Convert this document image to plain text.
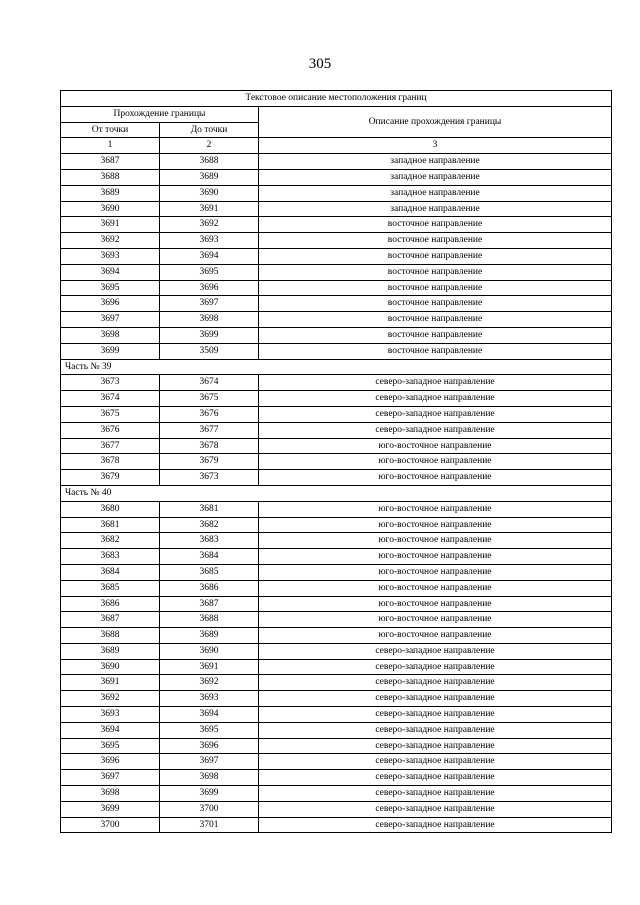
305
Текстовое описание местоположения границ		
Прохождение границы		Описание прохождения границы
От точки	До точки	
1	2	3
3687	3688	западное направление
3688	3689	западное направление
3689	3690	западное направление
3690	3691	западное направление
3691	3692	восточное направление
3692	3693	восточное направление
3693	3694	восточное направление
3694	3695	восточное направление
3695	3696	восточное направление
3696	3697	восточное направление
3697	3698	восточное направление
3698	3699	восточное направление
3699	3509	восточное направление
Часть № 39		
3673	3674	северо-западное направление
3674	3675	северо-западное направление
3675	3676	северо-западное направление
3676	3677	северо-западное направление
3677	3678	юго-восточное направление
3678	3679	юго-восточное направление
3679	3673	юго-восточное направление
Часть № 40		
3680	3681	юго-восточное направление
3681	3682	юго-восточное направление
3682	3683	юго-восточное направление
3683	3684	юго-восточное направление
3684	3685	юго-восточное направление
3685	3686	юго-восточное направление
3686	3687	юго-восточное направление
3687	3688	юго-восточное направление
3688	3689	юго-восточное направление
3689	3690	северо-западное направление
3690	3691	северо-западное направление
3691	3692	северо-западное направление
3692	3693	северо-западное направление
3693	3694	северо-западное направление
3694	3695	северо-западное направление
3695	3696	северо-западное направление
3696	3697	северо-западное направление
3697	3698	северо-западное направление
3698	3699	северо-западное направление
3699	3700	северо-западное направление
3700	3701	северо-западное направление
